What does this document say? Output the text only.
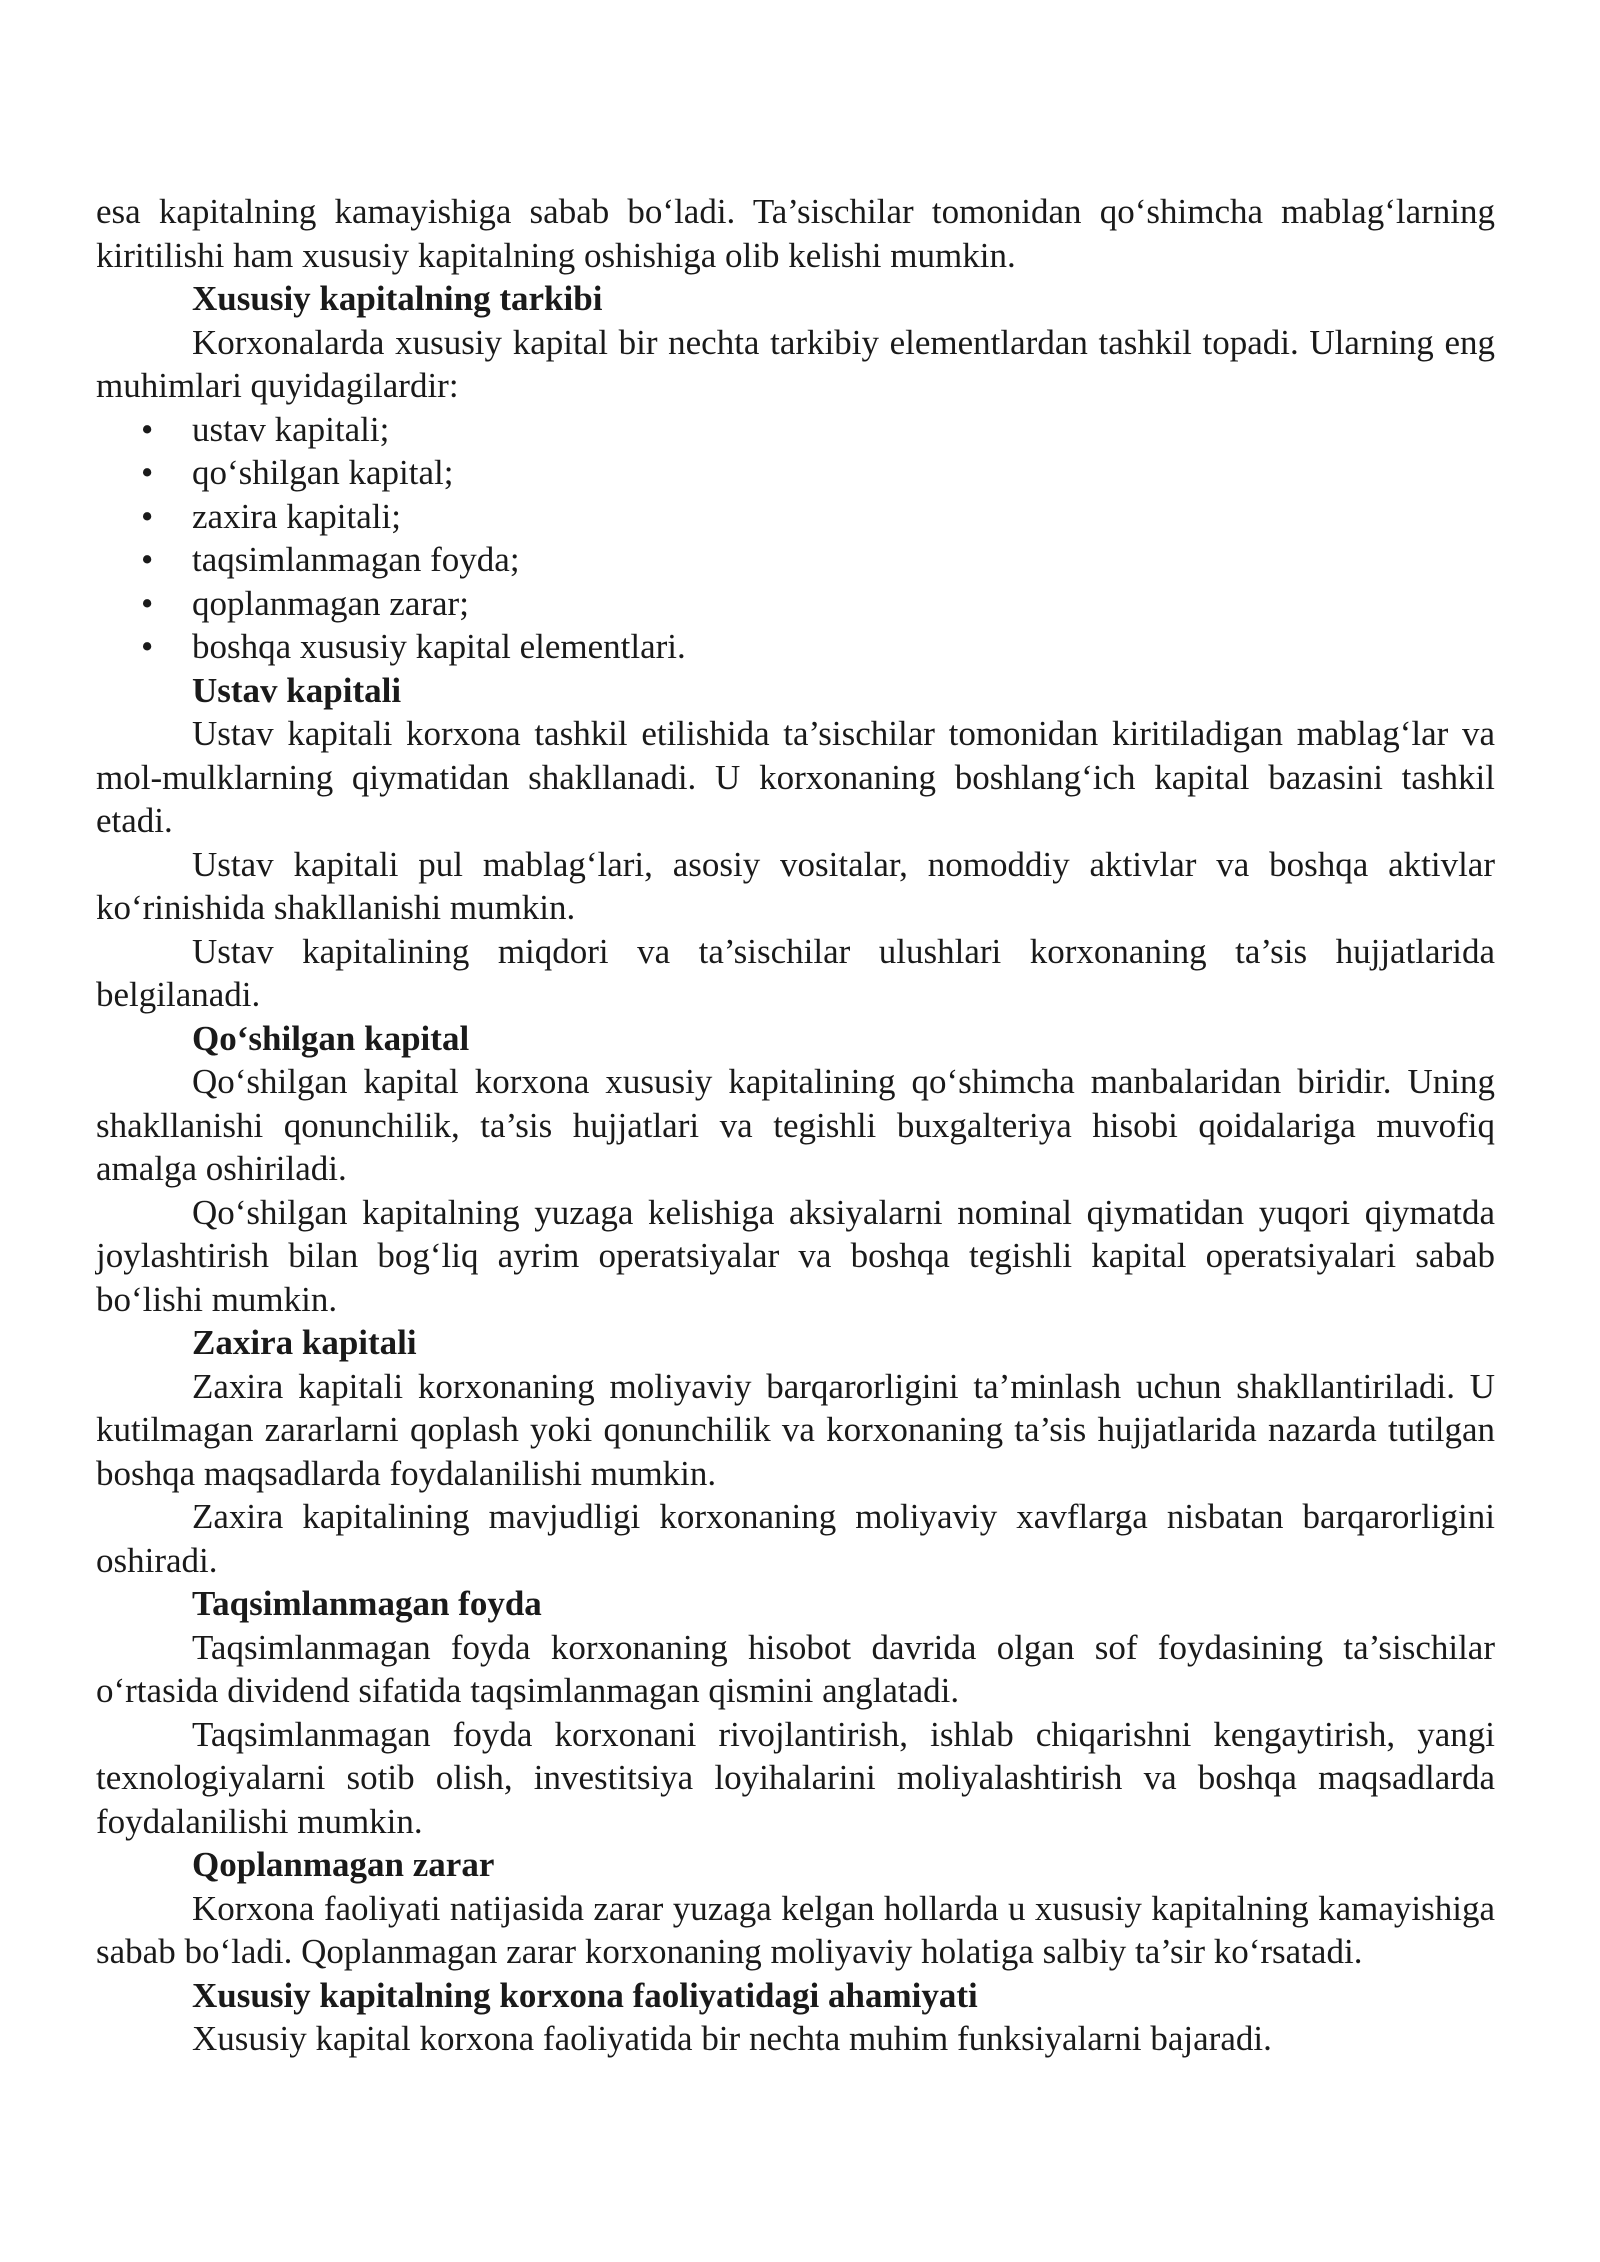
esa kapitalning kamayishiga sabab bo‘ladi. Ta’sischilar tomonidan qo‘shimcha mablag‘larning kiritilishi ham xususiy kapitalning oshishiga olib kelishi mumkin.

Xususiy kapitalning tarkibi

Korxonalarda xususiy kapital bir nechta tarkibiy elementlardan tashkil topadi. Ularning eng muhimlari quyidagilardir:

• ustav kapitali;
• qo‘shilgan kapital;
• zaxira kapitali;
• taqsimlanmagan foyda;
• qoplanmagan zarar;
• boshqa xususiy kapital elementlari.
Ustav kapitali

Ustav kapitali korxona tashkil etilishida ta’sischilar tomonidan kiritiladigan mablag‘lar va mol-mulklarning qiymatidan shakllanadi. U korxonaning boshlang‘ich kapital bazasini tashkil etadi.

Ustav kapitali pul mablag‘lari, asosiy vositalar, nomoddiy aktivlar va boshqa aktivlar ko‘rinishida shakllanishi mumkin.

Ustav kapitalining miqdori va ta’sischilar ulushlari korxonaning ta’sis hujjatlarida belgilanadi.

Qo‘shilgan kapital

Qo‘shilgan kapital korxona xususiy kapitalining qo‘shimcha manbalaridan biridir. Uning shakllanishi qonunchilik, ta’sis hujjatlari va tegishli buxgalteriya hisobi qoidalariga muvofiq amalga oshiriladi.

Qo‘shilgan kapitalning yuzaga kelishiga aksiyalarni nominal qiymatidan yuqori qiymatda joylashtirish bilan bog‘liq ayrim operatsiyalar va boshqa tegishli kapital operatsiyalari sabab bo‘lishi mumkin.

Zaxira kapitali

Zaxira kapitali korxonaning moliyaviy barqarorligini ta’minlash uchun shakllantiriladi. U kutilmagan zararlarni qoplash yoki qonunchilik va korxonaning ta’sis hujjatlarida nazarda tutilgan boshqa maqsadlarda foydalanilishi mumkin.

Zaxira kapitalining mavjudligi korxonaning moliyaviy xavflarga nisbatan barqarorligini oshiradi.

Taqsimlanmagan foyda

Taqsimlanmagan foyda korxonaning hisobot davrida olgan sof foydasining ta’sischilar o‘rtasida dividend sifatida taqsimlanmagan qismini anglatadi.

Taqsimlanmagan foyda korxonani rivojlantirish, ishlab chiqarishni kengaytirish, yangi texnologiyalarni sotib olish, investitsiya loyihalarini moliyalashtirish va boshqa maqsadlarda foydalanilishi mumkin.

Qoplanmagan zarar

Korxona faoliyati natijasida zarar yuzaga kelgan hollarda u xususiy kapitalning kamayishiga sabab bo‘ladi. Qoplanmagan zarar korxonaning moliyaviy holatiga salbiy ta’sir ko‘rsatadi.

Xususiy kapitalning korxona faoliyatidagi ahamiyati

Xususiy kapital korxona faoliyatida bir nechta muhim funksiyalarni bajaradi.
